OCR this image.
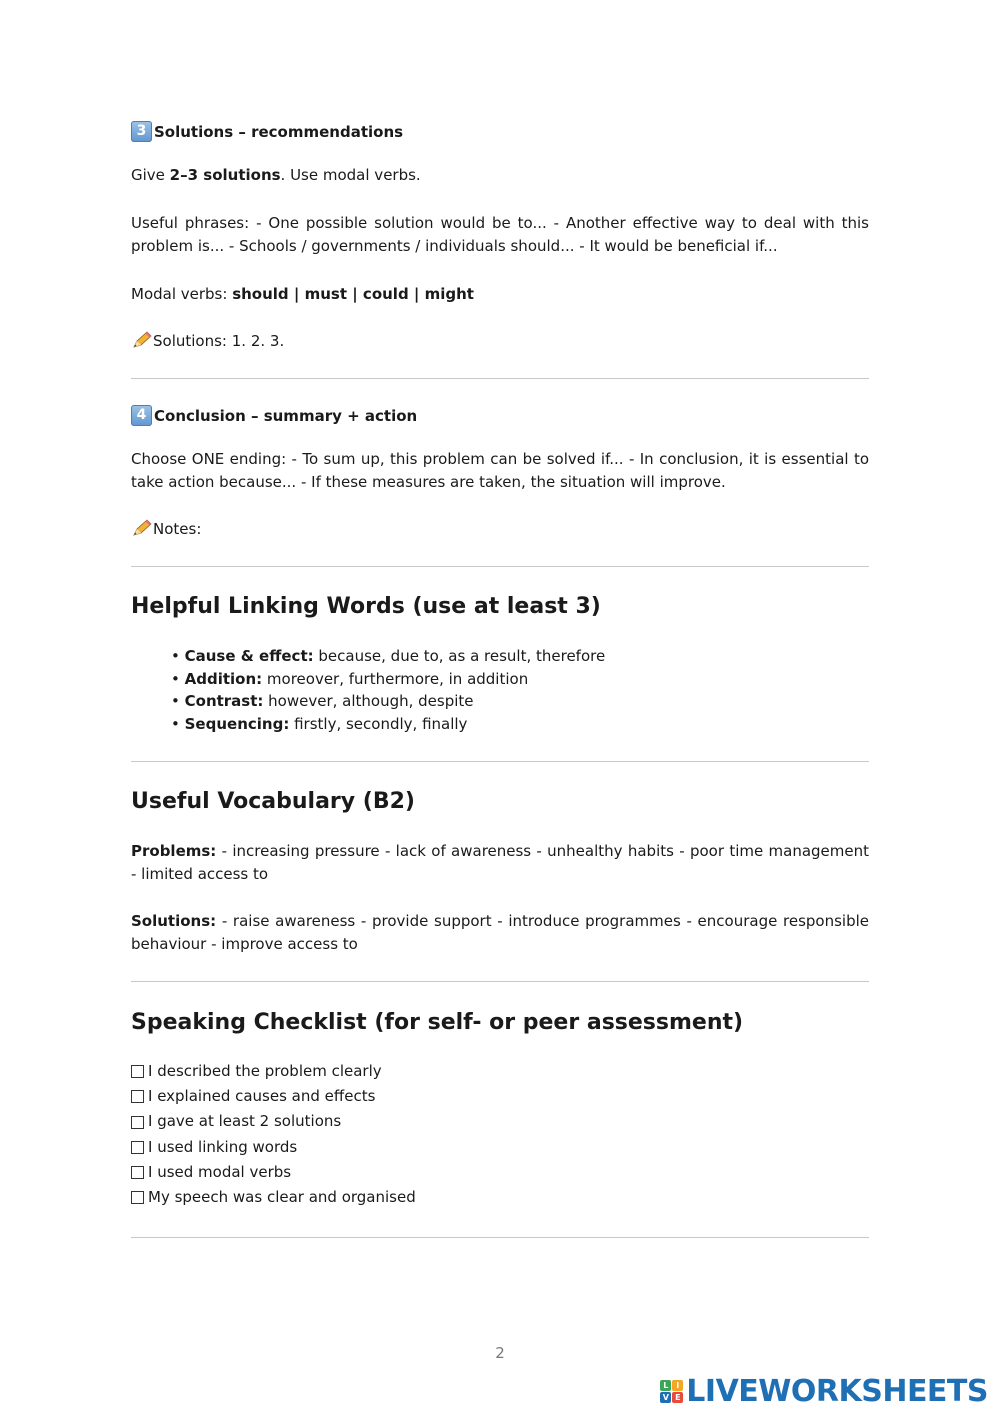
3 Solutions – recommendations

Give 2–3 solutions. Use modal verbs.

Useful phrases: - One possible solution would be to... - Another effective way to deal with this problem is... - Schools / governments / individuals should... - It would be beneficial if...

Modal verbs: should | must | could | might

Solutions: 1. 2. 3.

4 Conclusion – summary + action

Choose ONE ending: - To sum up, this problem can be solved if... - In conclusion, it is essential to take action because... - If these measures are taken, the situation will improve.

Notes:

Helpful Linking Words (use at least 3)
• Cause & effect: because, due to, as a result, therefore
• Addition: moreover, furthermore, in addition
• Contrast: however, although, despite
• Sequencing: firstly, secondly, finally
Useful Vocabulary (B2)

Problems: - increasing pressure - lack of awareness - unhealthy habits - poor time management - limited access to

Solutions: - raise awareness - provide support - introduce programmes - encourage responsible behaviour - improve access to

Speaking Checklist (for self- or peer assessment)
I described the problem clearly
I explained causes and effects
I gave at least 2 solutions
I used linking words
I used modal verbs
My speech was clear and organised
2
L I
V E LIVEWORKSHEETS
